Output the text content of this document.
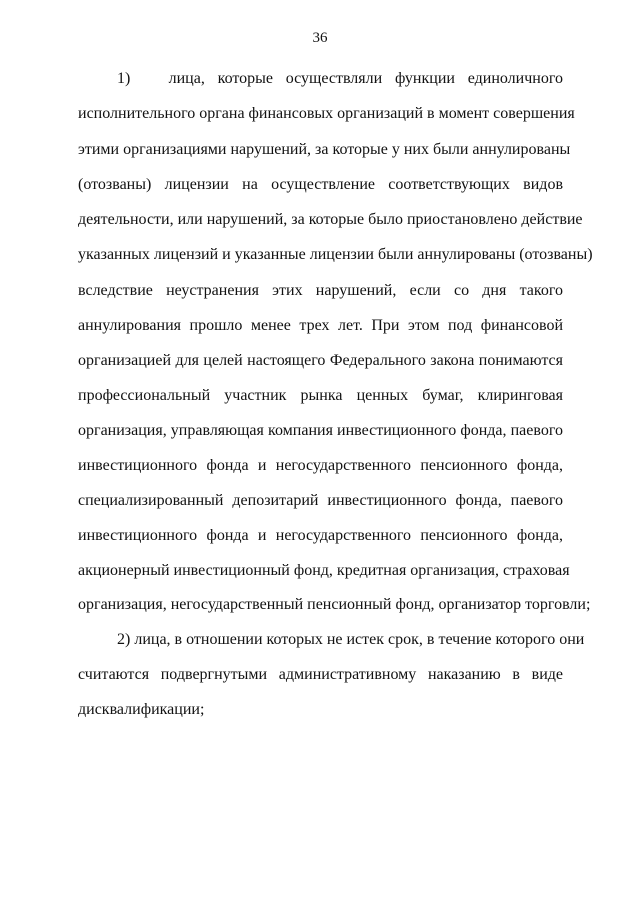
36
1)   лица, которые осуществляли функции единоличного
исполнительного органа финансовых организаций в момент совершения
этими организациями нарушений, за которые у них были аннулированы
(отозваны) лицензии на осуществление соответствующих видов
деятельности, или нарушений, за которые было приостановлено действие
указанных лицензий и указанные лицензии были аннулированы (отозваны)
вследствие неустранения этих нарушений, если со дня такого
аннулирования прошло менее трех лет. При этом под финансовой
организацией для целей настоящего Федерального закона понимаются
профессиональный участник рынка ценных бумаг, клиринговая
организация, управляющая компания инвестиционного фонда, паевого
инвестиционного фонда и негосударственного пенсионного фонда,
специализированный депозитарий инвестиционного фонда, паевого
инвестиционного фонда и негосударственного пенсионного фонда,
акционерный инвестиционный фонд, кредитная организация, страховая
организация, негосударственный пенсионный фонд, организатор торговли;
2) лица, в отношении которых не истек срок, в течение которого они
считаются подвергнутыми административному наказанию в виде
дисквалификации;
